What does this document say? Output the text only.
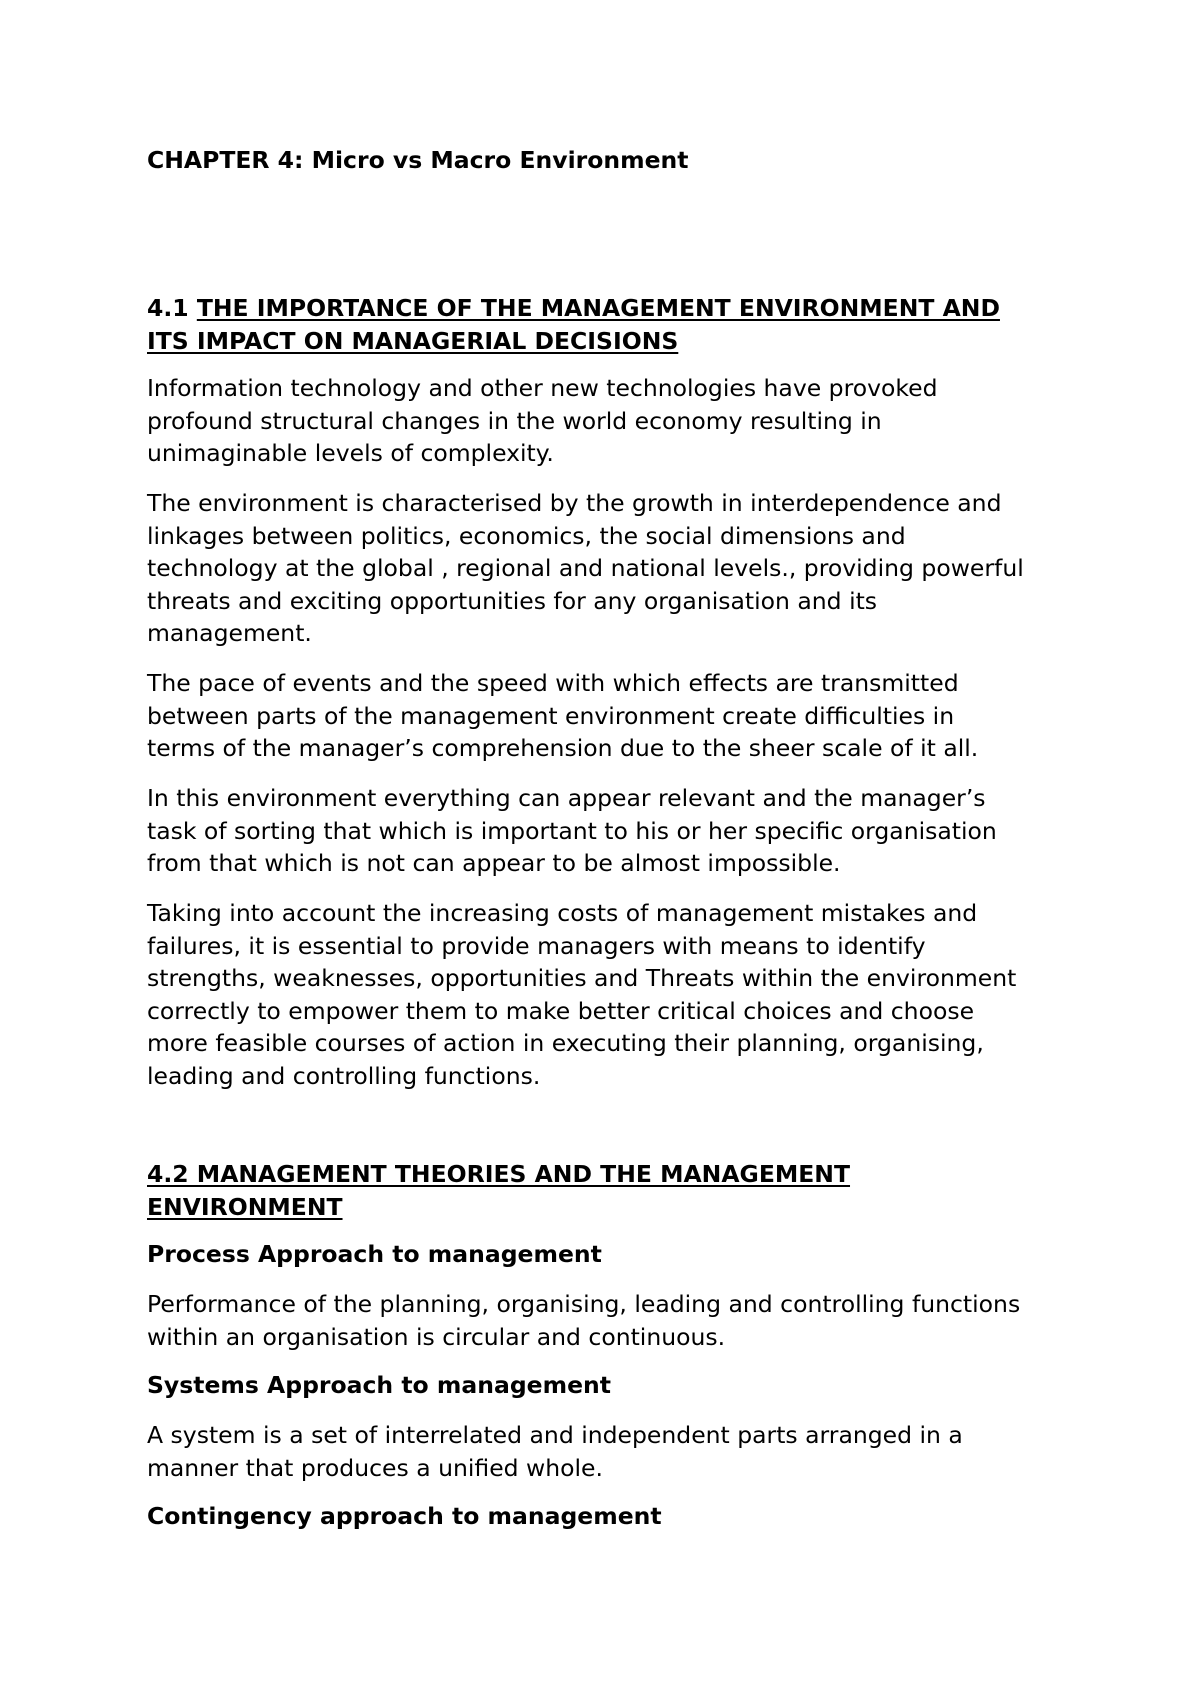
CHAPTER 4: Micro vs Macro Environment
4.1 THE IMPORTANCE OF THE MANAGEMENT ENVIRONMENT AND
ITS IMPACT ON MANAGERIAL DECISIONS
Information technology and other new technologies have provoked
profound structural changes in the world economy resulting in
unimaginable levels of complexity.
The environment is characterised by the growth in interdependence and
linkages between politics, economics, the social dimensions and
technology at the global , regional and national levels., providing powerful
threats and exciting opportunities for any organisation and its
management.
The pace of events and the speed with which effects are transmitted
between parts of the management environment create difficulties in
terms of the manager’s comprehension due to the sheer scale of it all.
In this environment everything can appear relevant and the manager’s
task of sorting that which is important to his or her specific organisation
from that which is not can appear to be almost impossible.
Taking into account the increasing costs of management mistakes and
failures, it is essential to provide managers with means to identify
strengths, weaknesses, opportunities and Threats within the environment
correctly to empower them to make better critical choices and choose
more feasible courses of action in executing their planning, organising,
leading and controlling functions.
4.2 MANAGEMENT THEORIES AND THE MANAGEMENT
ENVIRONMENT
Process Approach to management
Performance of the planning, organising, leading and controlling functions
within an organisation is circular and continuous.
Systems Approach to management
A system is a set of interrelated and independent parts arranged in a
manner that produces a unified whole.
Contingency approach to management
